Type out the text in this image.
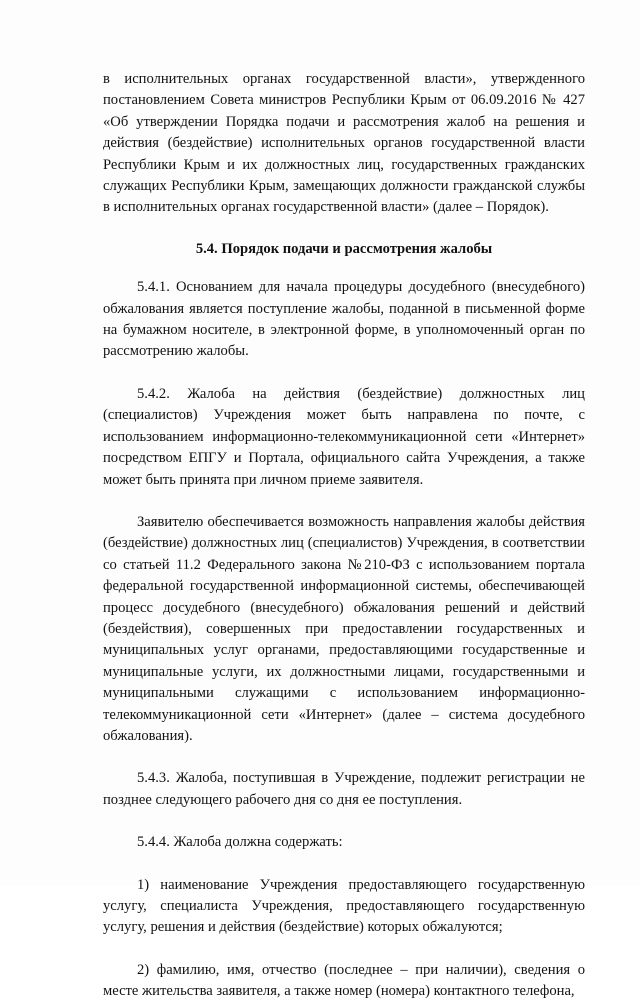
в исполнительных органах государственной власти», утвержденного постановлением Совета министров Республики Крым от 06.09.2016 № 427 «Об утверждении Порядка подачи и рассмотрения жалоб на решения и действия (бездействие) исполнительных органов государственной власти Республики Крым и их должностных лиц, государственных гражданских служащих Республики Крым, замещающих должности гражданской службы в исполнительных органах государственной власти» (далее – Порядок).

5.4. Порядок подачи и рассмотрения жалобы

5.4.1. Основанием для начала процедуры досудебного (внесудебного) обжалования является поступление жалобы, поданной в письменной форме на бумажном носителе, в электронной форме, в уполномоченный орган по рассмотрению жалобы.

5.4.2. Жалоба на действия (бездействие) должностных лиц (специалистов) Учреждения может быть направлена по почте, с использованием информационно-телекоммуникационной сети «Интернет» посредством ЕПГУ и Портала, официального сайта Учреждения, а также может быть принята при личном приеме заявителя.

Заявителю обеспечивается возможность направления жалобы действия (бездействие) должностных лиц (специалистов) Учреждения, в соответствии со статьей 11.2 Федерального закона №210-ФЗ с использованием портала федеральной государственной информационной системы, обеспечивающей процесс досудебного (внесудебного) обжалования решений и действий (бездействия), совершенных при предоставлении государственных и муниципальных услуг органами, предоставляющими государственные и муниципальные услуги, их должностными лицами, государственными и муниципальными служащими с использованием информационно-телекоммуникационной сети «Интернет» (далее – система досудебного обжалования).

5.4.3. Жалоба, поступившая в Учреждение, подлежит регистрации не позднее следующего рабочего дня со дня ее поступления.

5.4.4. Жалоба должна содержать:

1) наименование Учреждения предоставляющего государственную услугу, специалиста Учреждения, предоставляющего государственную услугу, решения и действия (бездействие) которых обжалуются;

2) фамилию, имя, отчество (последнее – при наличии), сведения о месте жительства заявителя, а также номер (номера) контактного телефона,
